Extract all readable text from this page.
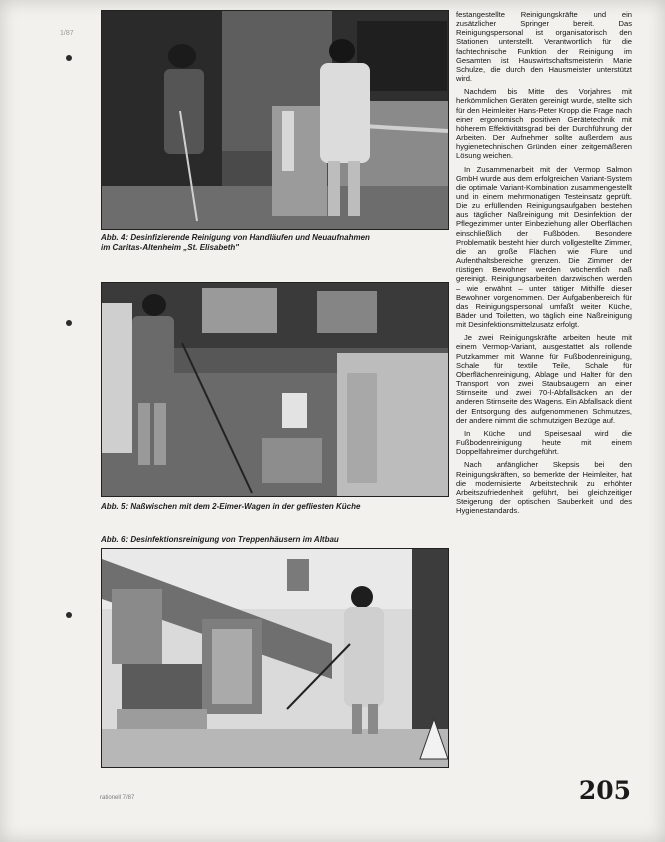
1/87
Abb. 4: Desinfizierende Reinigung von Handläufen und Neuaufnahmen
im Caritas-Altenheim „St. Elisabeth"
Abb. 5: Naßwischen mit dem 2-Eimer-Wagen in der gefliesten Küche
Abb. 6: Desinfektionsreinigung von Treppenhäusern im Altbau

festangestellte Reinigungskräfte und ein zusätzlicher Springer bereit. Das Reinigungspersonal ist organisatorisch den Stationen unterstellt. Verantwortlich für die fachtechnische Funktion der Reinigung im Gesamten ist Hauswirtschaftsmeisterin Marie Schulze, die durch den Hausmeister unterstützt wird.

Nachdem bis Mitte des Vorjahres mit herkömmlichen Geräten gereinigt wurde, stellte sich für den Heimleiter Hans-Peter Kropp die Frage nach einer ergonomisch positiven Gerätetechnik mit höherem Effektivitätsgrad bei der Durchführung der Arbeiten. Der Aufnehmer sollte außerdem aus hygienetechnischen Gründen einer zeitgemäßeren Lösung weichen.

In Zusammenarbeit mit der Vermop Salmon GmbH wurde aus dem erfolgreichen Variant-System die optimale Variant-Kombination zusammengestellt und in einem mehrmonatigen Testeinsatz geprüft. Die zu erfüllenden Reinigungsaufgaben bestehen aus täglicher Naßreinigung mit Desinfektion der Pflegezimmer unter Einbeziehung aller Oberflächen einschließlich der Fußböden. Besondere Problematik besteht hier durch vollgestellte Zimmer, die an große Flächen wie Flure und Aufenthaltsbereiche grenzen. Die Zimmer der rüstigen Bewohner werden wöchentlich naß gereinigt. Reinigungsarbeiten darzwischen werden – wie erwähnt – unter tätiger Mithilfe dieser Bewohner vorgenommen. Der Aufgabenbereich für das Reinigungspersonal umfaßt weiter Küche, Bäder und Toiletten, wo täglich eine Naßreinigung mit Desinfektionsmittelzusatz erfolgt.

Je zwei Reinigungskräfte arbeiten heute mit einem Vermop-Variant, ausgestattet als rollende Putzkammer mit Wanne für Fußbodenreinigung, Schale für textile Teile, Schale für Oberflächenreinigung, Ablage und Halter für den Transport von zwei Staubsaugern an einer Stirnseite und zwei 70-l-Abfallsäcken an der anderen Stirnseite des Wagens. Ein Abfallsack dient der Entsorgung des aufgenommenen Schmutzes, der andere nimmt die schmutzigen Bezüge auf.

In Küche und Speisesaal wird die Fußbodenreinigung heute mit einem Doppelfahreimer durchgeführt.

Nach anfänglicher Skepsis bei den Reinigungskräften, so bemerkte der Heimleiter, hat die modernisierte Arbeitstechnik zu erhöhter Arbeitszufriedenheit geführt, bei gleichzeitiger Steigerung der optischen Sauberkeit und des Hygienestandards.

205
rationell 7/87
